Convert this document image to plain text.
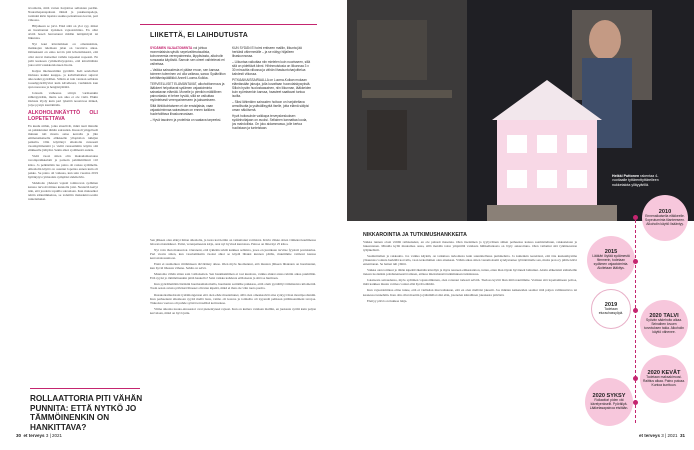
tavoitteita, mitä varten harjoittaa sellaisten perään. Nauremapanapaluun tähkiä ja puskkurapeleja, torninkä kirin lapsista saakka pelaamassa korrat, pari vitkossa.

Hiljaikeen se jatvi. Eikä siitä on ylot syy, miksi en huomannut nyrkinen vajaatoiminta. En ollut aivitä beseb harrastanut mitään tuttäpiiriyiä tai liikuntaa.

Nyt kaui kävelemisen on omantakitsia, maikkojen tulemaan jalan on varattava aikaa. Omnekseni en enko kovin pitä kävelemisestä, että olisi olevat maisemat vaihdu tarpeeksi nopeasti. En pidä kuokaan rymmelöstyajoista, että kävelittäisin joka reitti vaiekkotalonuen lisoita.

Kaljon mielusommin pyöräilit. Keli sendolbari Oulussa kaikki kauppa- ja kahvilamatkat sujuvat aika kaikä pyörällen. Silloin ei tule vantaan sellaista tosuahpyörällyvisä kuin kävellessä, vanhinkin kun ajan nuoressa ja hengästymättä.

Joissain vaiheessa siirryn varmaankin sähköpyörään, mutta sen aika ei ole vielä. Ehkin Oulusta löydy kuin pari tyksittä noustavaa mäkeä, joiye pystyn kiertämään.

ALKOHOLINKÄYTTÖ OLI LOPETETTAVA

En kuulu niihin, jotka sinertivät, mikä tauti minulle on pahkiutunut tämän sairauden. Kuusoli ymppäveäi minuun tuli monta asiaa kerralla ja jäin emmenaikaiselle eläkkeelle yllopistion tutkijan paikalta. Olin käyttänyt alkoholia runsaasti vuosikymmenniä ja vieläi runsaammin käytin sitä eläkkeelle jäätyäni. Sekin alkoi sydämestä audele.

Vielä vuosi sitten olin maksulamastoksa veroinprahkkelatit ja painoin pahimmillanii 110 kiloa. Jo pelkästään tuo paino oli raskas sydämelle. Alkoholin käyttö on osannut lopettaa ennen kuin oli pakko. Se paino oli vaikuaa, kun sain vuosina 2019 hytiäkytys rytmaalais sympläsi sädeltelvin.

Sädehoito yhdessä vajaalt tominovan sydämen kanssa turvotti minua kunnolla jalat. Nesterää kertyi niin, että joudoin topuilla sairaalaan. Kun makaalkoi tehtin sätkutiikkeissa, se todettiin maksakirrooosiin runtelemaksi.

LIIKETTÄ, EI LAIHDUTUSTA

SYDÄMEN VAJAATOIMINTA voi johtua monenlaisista syistä: sepelvaltimotaudista, kohonneesta verenpaineesta, läppäviasta, alkoholin runsaasta käytöstä. Samoin sen oireet vaihtelevat eri vaiheissa.

– Vaikka sairaudesta ei pääse eroon, sen kanssa toimeen tuleminen voi olla vaikeaa, sanoo Sydänliiton kehittämispäällikkö Anneli Luoma-Kulkka.

TERVEELLISET ELÄMÄNTAVAT, alkoholitonmuus ja lääkkeet helpottavat sydämen vajaatoiminta sairastavan elämää. Monelle jo pienikin mäklillinen painonlasku ei tehee hyvää, sillä se vaikuttaa myönteisesti verenpaineeseen ja jaksamiseen.

Siltä lähtökohtaiseen ei ole ensisijaista, vaan vajaatoiminnaa sairastavan on ennen kaikkea huolehdittava lihaskunnostaan.

– Hyvä tasoinen ja proteiinia on saatava tarpeeksi.

KUN SYDÄN EI toimi entiseen malliin, liikunta jää herkästi vähemmälle – ja se näkyy hiljalleen lihaskunnossa.

– Liikuntaa vaikuttaa niin mielelen kuin nuorisseen, sillä sitä on pidettävä kiinni. Hihinmuistusia on liikunnaa 3 x 30 minuuttia viikossa ja vähän lihaskuntoharjoittelua kahdesti viikossa.

PITKÄAIKAISSAIRAALLA on Luoma-Kulkan mukaan elämässään jaksoja, jolla kuvattaan huonolaiskywyksiä. Silloin hyvän huolostaasainen, niin liikunnan, lääkkeiden kuin syömisenkin kanssa, haasteet saattavat tuntua isoilta.

– Siksi lähimäinn sairauden hoitoon on harjoiteltava armollisutta ja ystävällisyyttä itselle, jotta elämä säilyisi oman näköisenä.

Hyvä hoitosuhde vaikkapa terveyskeskuksen sydänhoitajaan on avuksi. Sellainen kannattaa luoda, jos mahdollista. On joku aidammassa, jolle kertoa huolistaan ja tunteistaan.

Sen jälkeen olen elänyt ilman alkoholia, ja tuota kai tiettiin on vaikuttanut voimistot. Kävin viikko sitten viimeksi kaulimessa laboratoriotutkiksot. Paitsi, verenpaineesta kirja, onat nyt hyvissä kuntoissa. Painoa on läiternyt 25 kiloa.

Nyt voin ihan maksaavat. Ouraneni, että tykkään tehdä kaikkea sellaista, josea en juurikaan tarvitse fyysistä ponnistelua. Pari vuotta sitten, kun vasalomikaiin vuoksi alkoi se käydä lihaksi kunnon päälle, muutimme vaimoni kanssa kerrostaloasuntoon.

Ennä ei raumolkon riittämiseen tärvätänny aikaa. Olen myös huomannut, että muuton jälkeen lihaksien on huomannut, kun hyviä lihaasta vähene. Sehän on selvä.

Muutoma vähän sitten sain voiliaisetten. Sen haskikuimmen ei tosi kuulosta, vaikka aluksi aniaa ruhtiin aikaa puuhiltiin. Että syyisi jo tämmöinenkin pitää haukolla? Saisi vaikka kahdesta erillaisesta ja siitä se hurmaan.

Kun pyöräilemään läsäisini huomaamattomalla, huomasin aarinilhe paikkaas, ettiä olem pyöräillyt tämäntoista kilometriä. Tosin sezan avusta päivässä lihaaset olivatan kipeitä, mikä ei ihan ole väin tuota puolta.

Rusakontamudotani tyalämongetaan että olen ehde maatamunet, sillä olen omeskaaivät aina syntyyt ihan montipoolienmi. Kun perheenuni alkoikoan syyttä mellä lasta, vaimo oli kotona ja toimaiba oli nyyendä pelikaan päiltäsaanimeni tavojaa. Tiukoissa vaetosa oli puhde syöstä terveellisä kotiruokaa.

Viime aikoina nuoka-ainosestoi ovat pienentyneet rajaast. Kun on kuilera vanhaan malliin, en juoksuta syöltä kuin paljon kervalaan, mikä on hyvä juttu.

ROLLAATTORIA PITI VÄHÄN PUNNITA: ETTÄ NYTKÖ JO TÄMMÖINENKIN ON HANKITTAVA?
30 et terveys 3 | 2021
Heikki Puttonen rakentaa 4-vuotiaalle tyttärenttyttärelleen nukketalota ylläyyärillä.
NIKKAROINTIA JA TUTKIMUSHANKKEITA

Vaikka tunnen oloni välillä raihnaiseksi, en ole pahasti masenna. Olen itsenäinen ja tyytyväinen siihen perheensa kanssa saamistteltuun, rakkastetaan ja lukeentenen. Minulla kyllä muutamaa asiaa, sillä meidän talon ympärillä vanhasta hiilikelluntasta on löyty askaroituna. Olen vailamut sitä tyämisessäon tyhjäkellarit.

Saamnittelien ja rakkautta. Jos vaikka käykää, on tarkkisaa tarkoitusta kuin suunnitellussa puminelutta. Ja kuitenkin teeretässä, että täte kuskunhyaima ylisuuntaa voinnia herkällä korvalla, vaan terkomimen olen ainakaan. Vähän aikaa sitten vanamolosmi syndystantee tytärnttäirelle sen, mutta protocy piltile käivi ententtanan. Se hainat tuli yllätti.

Vaikka olen toimuut jo tähän kipeittiväksiään kävellyn ja myös naureen eläkastantton, tutten, etten ihan täysin hyvinneit lahtuinut. Alotin eläkelaisti sääntöeille tieteen tuotteikin pohdietenteestä taitteen, ettäusa mielomansiä tutkimuksen tutkinnassa.

Jokaisesta sairaudensa, myös sydämen vajaatoiminnan, olen rotanaut tarkasti selvitä. Tiedosa kyväti liian mitä nauttimme. Voidaan sitä lopettamiseen poltoa, mitä kaikkea muuta voimaa voinut elää hyvää elämää.

Kun vajaatoimintaa elina tunne, että ei vieläsäan muovailakaan, että en olen mellöist jaksaiit. Jos mikäan kaiketeiden saamat riitä paljon valmistettava tai kaanessa tunnehäin. Kun olin ollut maatiin ja jäänmillai silai elän, jotenolen kiinallinen jokaisesta päivästä.

Elettyy päivä on tiukkaa lahja.

2010
Ennenaikaisella eläkkeelle. Sopeutuminta tilanteeseen. Alkoholin käyttö lisääntyy.
2015
Lääkäri löytää sydämestä flimmerin, todetaan sydämen vajaatoiminta. Aloitetaan lääkitys.
2019
Todetaan eturauhassyöpä.	2020 TALVI
Syövän sädehoito alkaa. Seinaiben lovuen turvotuksen takia. Alkoholin käyttö vähenee.
2020 SYKSY
Rollaattori piden vät kävelyenkselit. Pyöräilyä. Lääketasapainoa etsitään.
2020 KEVÄT
Todetaan maksakirroosi. Raittius alkaa. Paino putoaa. Kuntoa kunttuun.
et terveys 3 | 2021 31
